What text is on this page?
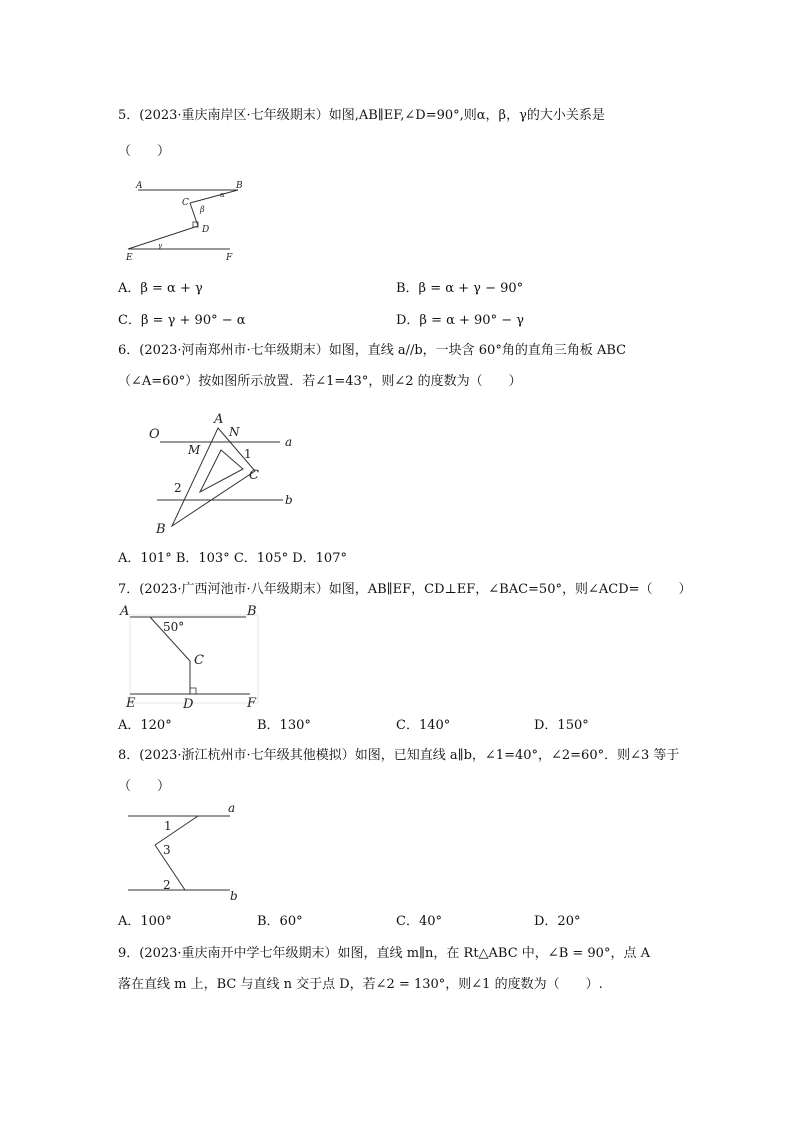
5．(2023·重庆南岸区·七年级期末）如图,AB∥EF,∠D=90°,则α，β，γ的大小关系是
（　　）
A	B
C
D
E	F
α
β
γ
A．β = α + γ	B．β = α + γ − 90°
C．β = γ + 90° − α	D．β = α + 90° − γ
6．(2023·河南郑州市·七年级期末）如图，直线 a//b，一块含 60°角的直角三角板 ABC
（∠A=60°）按如图所示放置．若∠1=43°，则∠2 的度数为（　　）
O
A
N
a
M	1
C
2
b
B
A．101° B．103° C．105° D．107°
7．(2023·广西河池市·八年级期末）如图，AB∥EF，CD⊥EF，∠BAC=50°，则∠ACD=（　　）
A	B
50°
C
E	D	F
A．120°	B．130°	C．140°	D．150°
8．(2023·浙江杭州市·七年级其他模拟）如图，已知直线 a∥b，∠1=40°，∠2=60°．则∠3 等于
（　　）
a
1
3
2
b
A．100°	B．60°	C．40°	D．20°
9．(2023·重庆南开中学七年级期末）如图，直线 m∥n，在 Rt△ABC 中，∠B = 90°，点 A
落在直线 m 上，BC 与直线 n 交于点 D，若∠2 = 130°，则∠1 的度数为（　　）.
